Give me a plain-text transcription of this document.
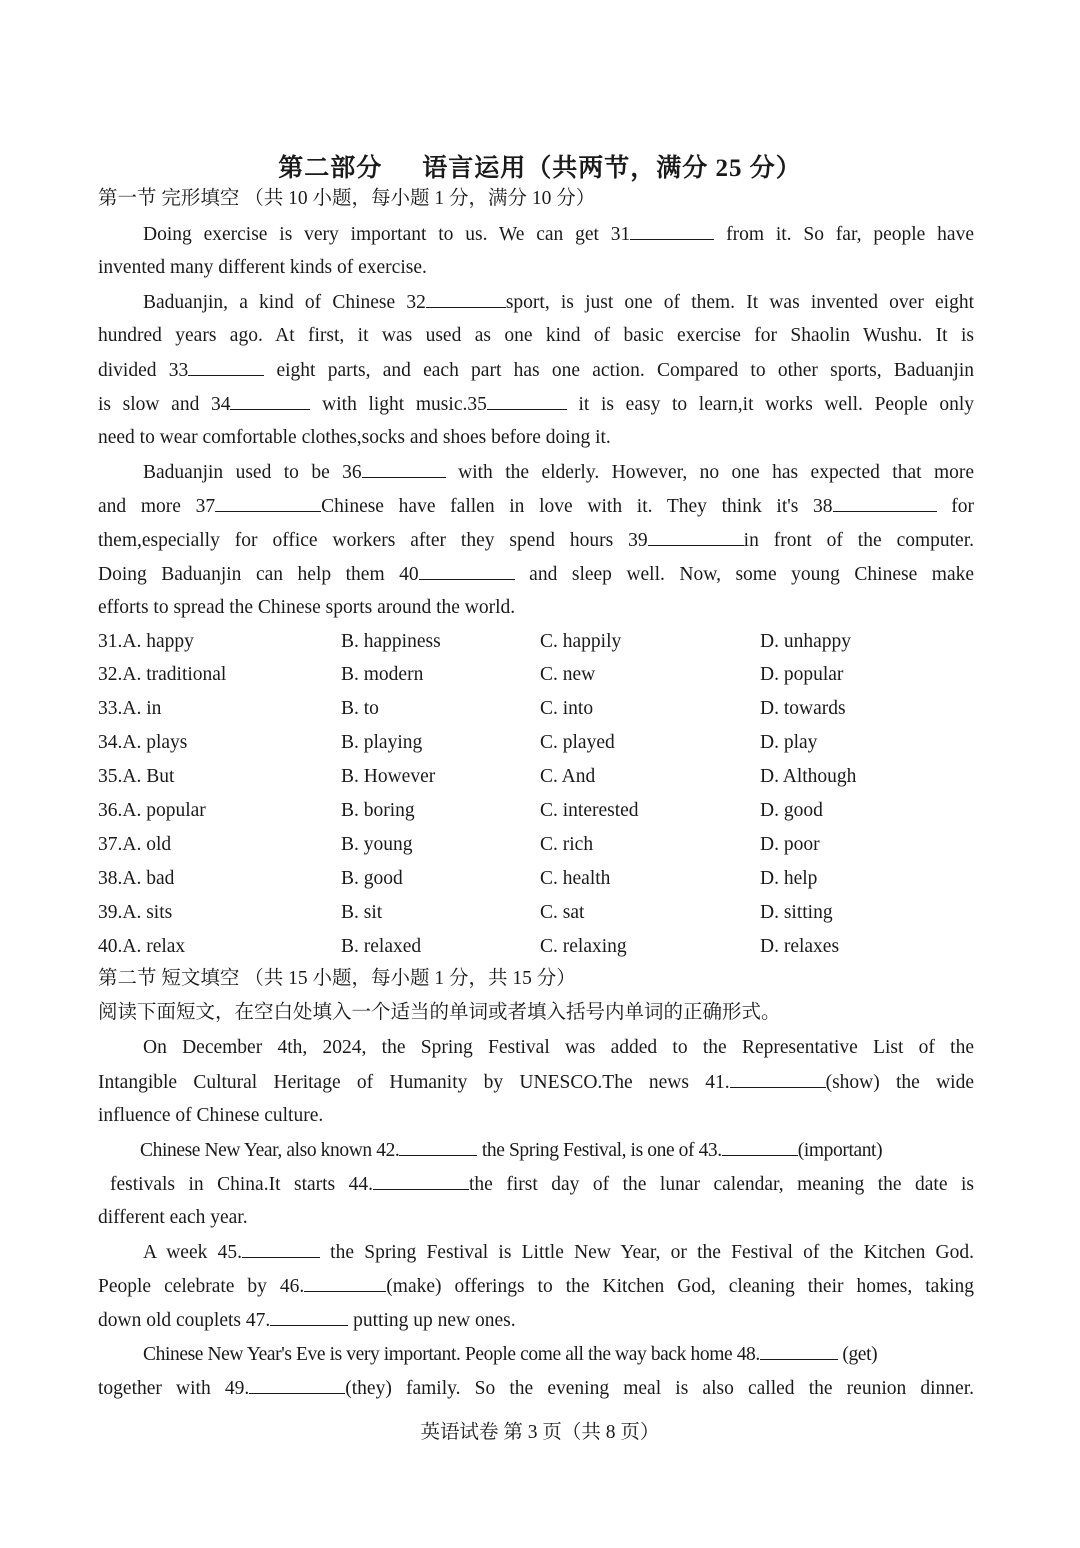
第二部分 语言运用（共两节，满分 25 分）
第一节 完形填空 （共 10 小题，每小题 1 分，满分 10 分）
Doing exercise is very important to us. We can get 31	from it. So far, people have
invented many different kinds of exercise.
Baduanjin, a kind of Chinese 32	sport, is just one of them. It was invented over eight
hundred years ago. At first, it was used as one kind of basic exercise for Shaolin Wushu. It is
divided 33	eight parts, and each part has one action. Compared to other sports, Baduanjin
is slow and 34	with light music.35	it is easy to learn,it works well. People only
need to wear comfortable clothes,socks and shoes before doing it.
Baduanjin used to be 36	with the elderly. However, no one has expected that more
and more 37	Chinese have fallen in love with it. They think it's 38	for
them,especially for office workers after they spend hours 39	in front of the computer.
Doing Baduanjin can help them 40	and sleep well. Now, some young Chinese make
efforts to spread the Chinese sports around the world.
31.A. happy	B. happiness	C. happily	D. unhappy
32.A. traditional	B. modern	C. new	D. popular
33.A. in	B. to	C. into	D. towards
34.A. plays	B. playing	C. played	D. play
35.A. But	B. However	C. And	D. Although
36.A. popular	B. boring	C. interested	D. good
37.A. old	B. young	C. rich	D. poor
38.A. bad	B. good	C. health	D. help
39.A. sits	B. sit	C. sat	D. sitting
40.A. relax	B. relaxed	C. relaxing	D. relaxes
第二节 短文填空 （共 15 小题，每小题 1 分，共 15 分）
阅读下面短文，在空白处填入一个适当的单词或者填入括号内单词的正确形式。
On December 4th, 2024, the Spring Festival was added to the Representative List of the
Intangible Cultural Heritage of Humanity by UNESCO.The news 41.	(show) the wide
influence of Chinese culture.
Chinese New Year, also known 42.	the Spring Festival, is one of 43.	(important)
festivals in China.It starts 44.	the first day of the lunar calendar, meaning the date is
different each year.
A week 45.	the Spring Festival is Little New Year, or the Festival of the Kitchen God.
People celebrate by 46.	(make) offerings to the Kitchen God, cleaning their homes, taking
down old couplets 47.	putting up new ones.
Chinese New Year's Eve is very important. People come all the way back home 48.	(get)
together with 49.	(they) family. So the evening meal is also called the reunion dinner.
英语试卷 第 3 页（共 8 页）
